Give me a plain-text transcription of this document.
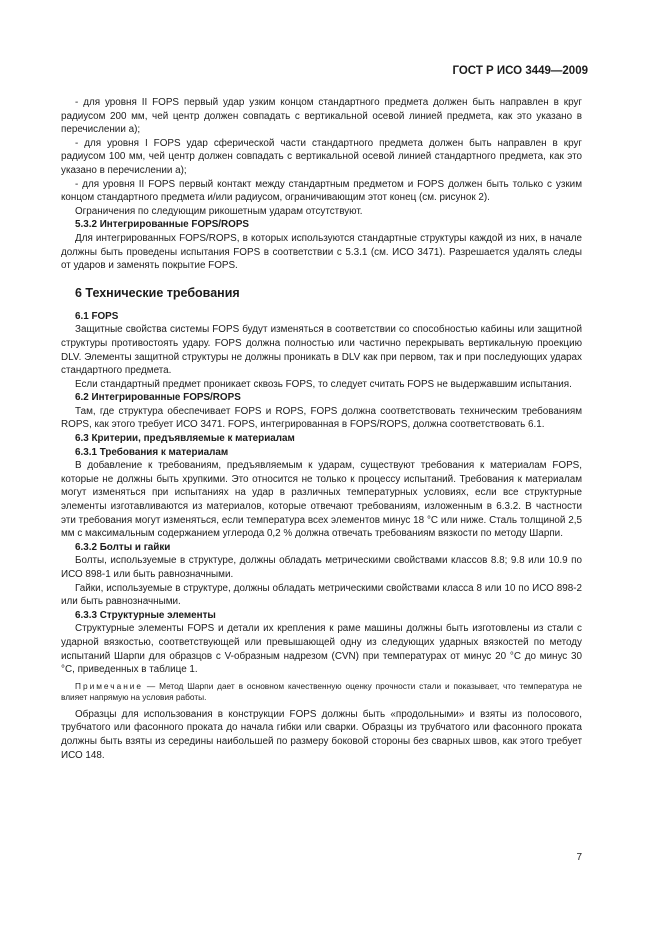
ГОСТ Р ИСО 3449—2009

- для уровня II FOPS первый удар узким концом стандартного предмета должен быть направлен в круг радиусом 200 мм, чей центр должен совпадать с вертикальной осевой линией предмета, как это указано в перечислении а);

- для уровня I FOPS удар сферической части стандартного предмета должен быть направлен в круг радиусом 100 мм, чей центр должен совпадать с вертикальной осевой линией стандартного предмета, как это указано в перечислении а);

- для уровня II FOPS первый контакт между стандартным предметом и FOPS должен быть только с узким концом стандартного предмета и/или радиусом, ограничивающим этот конец (см. рисунок 2).

Ограничения по следующим рикошетным ударам отсутствуют.

5.3.2 Интегрированные FOPS/ROPS

Для интегрированных FOPS/ROPS, в которых используются стандартные структуры каждой из них, в начале должны быть проведены испытания FOPS в соответствии с 5.3.1 (см. ИСО 3471). Разрешается удалять следы от ударов и заменять покрытие FOPS.

6 Технические требования

6.1 FOPS

Защитные свойства системы FOPS будут изменяться в соответствии со способностью кабины или защитной структуры противостоять удару. FOPS должна полностью или частично перекрывать вертикальную проекцию DLV. Элементы защитной структуры не должны проникать в DLV как при первом, так и при последующих ударах стандартного предмета.

Если стандартный предмет проникает сквозь FOPS, то следует считать FOPS не выдержавшим испытания.

6.2 Интегрированные FOPS/ROPS

Там, где структура обеспечивает FOPS и ROPS, FOPS должна соответствовать техническим требованиям ROPS, как этого требует ИСО 3471. FOPS, интегрированная в FOPS/ROPS, должна соответствовать 6.1.

6.3 Критерии, предъявляемые к материалам

6.3.1 Требования к материалам

В добавление к требованиям, предъявляемым к ударам, существуют требования к материалам FOPS, которые не должны быть хрупкими. Это относится не только к процессу испытаний. Требования к материалам могут изменяться при испытаниях на удар в различных температурных условиях, если все структурные элементы изготавливаются из материалов, которые отвечают требованиям, изложенным в 6.3.2. В частности эти требования могут изменяться, если температура всех элементов минус 18 °С или ниже. Сталь толщиной 2,5 мм с максимальным содержанием углерода 0,2 % должна отвечать требованиям вязкости по методу Шарпи.

6.3.2 Болты и гайки

Болты, используемые в структуре, должны обладать метрическими свойствами классов 8.8; 9.8 или 10.9 по ИСО 898-1 или быть равнозначными.

Гайки, используемые в структуре, должны обладать метрическими свойствами класса 8 или 10 по ИСО 898-2 или быть равнозначными.

6.3.3 Структурные элементы

Структурные элементы FOPS и детали их крепления к раме машины должны быть изготовлены из стали с ударной вязкостью, соответствующей или превышающей одну из следующих ударных вязкостей по методу испытаний Шарпи для образцов с V-образным надрезом (CVN) при температурах от минус 20 °С до минус 30 °С, приведенных в таблице 1.

Примечание — Метод Шарпи дает в основном качественную оценку прочности стали и показывает, что температура не влияет напрямую на условия работы.

Образцы для использования в конструкции FOPS должны быть «продольными» и взяты из полосового, трубчатого или фасонного проката до начала гибки или сварки. Образцы из трубчатого или фасонного проката должны быть взяты из середины наибольшей по размеру боковой стороны без сварных швов, как этого требует ИСО 148.

7
